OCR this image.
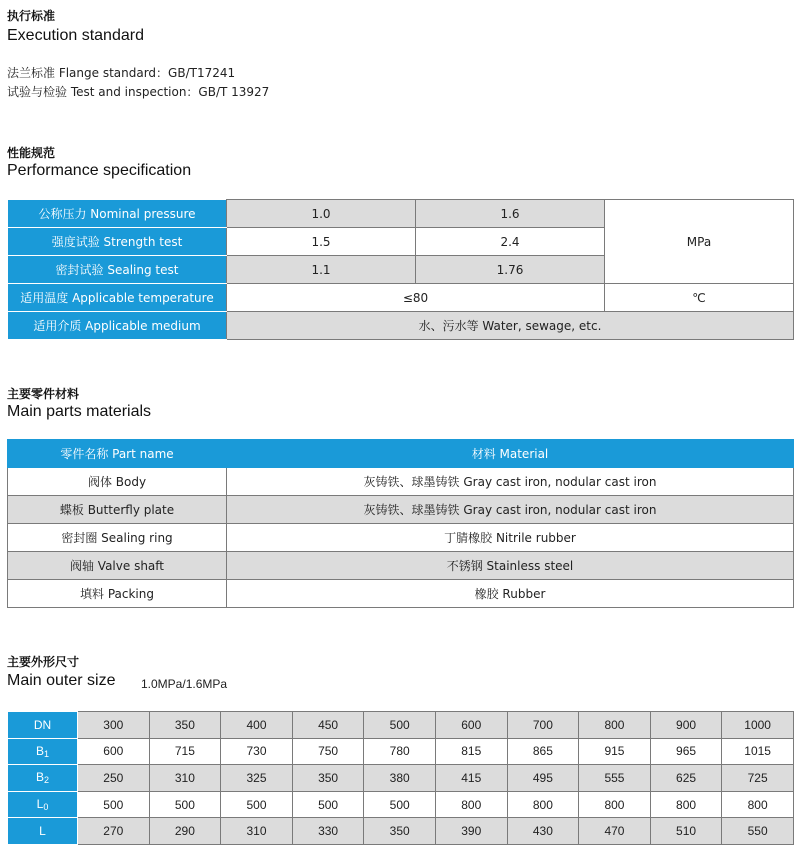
执行标准
Execution standard
法兰标准 Flange standard：GB/T17241
试验与检验 Test and inspection：GB/T 13927
性能规范
Performance specification
公称压力 Nominal pressure	1.0	1.6	MPa
强度试验 Strength test	1.5	2.4	
密封试验 Sealing test	1.1	1.76	
适用温度 Applicable temperature	≤80		℃
适用介质 Applicable medium	水、污水等 Water, sewage, etc.		
主要零件材料
Main parts materials
零件名称 Part name	材料 Material
阀体 Body	灰铸铁、球墨铸铁 Gray cast iron, nodular cast iron
蝶板 Butterfly plate	灰铸铁、球墨铸铁 Gray cast iron, nodular cast iron
密封圈 Sealing ring	丁腈橡胶 Nitrile rubber
阀轴 Valve shaft	不锈钢 Stainless steel
填料 Packing	橡胶 Rubber
主要外形尺寸
Main outer size 1.0MPa/1.6MPa
DN	300	350	400	450	500	600	700	800	900	1000
$B_1$	600	715	730	750	780	815	865	915	965	1015
$B_2$	250	310	325	350	380	415	495	555	625	725
$L_0$	500	500	500	500	500	800	800	800	800	800
L	270	290	310	330	350	390	430	470	510	550
